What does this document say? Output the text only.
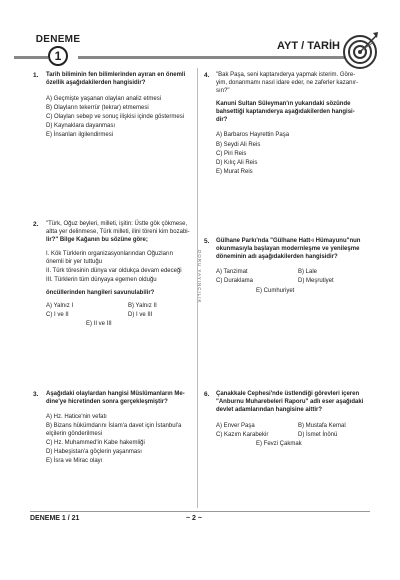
DENEME
1
AYT / TARİH
DORU YAYINCILIK
1. Tarih biliminin fen bilimlerinden ayıran en önemli
özellik aşağıdakilerden hangisidir?
A) Geçmişte yaşanan olayları analiz etmesi
B) Olayların tekerrür (tekrar) etmemesi
C) Olayları sebep ve sonuç ilişkisi içinde göstermesi
D) Kaynaklara dayanması
E) İnsanları ilgilendirmesi
2. "Türk, Oğuz beyleri, milleti, işitin: Üstte gök çökmese,
altta yer delinmese, Türk milleti, ilini töreni kim bozabi-
lir?" Bilge Kağanın bu sözüne göre;
I. Kök Türklerin organizasyonlarından Oğuzların
önemli bir yer tuttuğu
II. Türk töresinin dünya var oldukça devam edeceği
III. Türklerin tüm dünyaya egemen olduğu
öncüllerinden hangileri savunulabilir?
A) Yalnız I	B) Yalnız II
C) I ve II	D) I ve III
E) II ve III
3. Aşağıdaki olaylardan hangisi Müslümanların Me-
dine'ye hicretinden sonra gerçekleşmiştir?
A) Hz. Hatice'nin vefatı
B) Bizans hükümdarını İslam'a davet için İstanbul'a
elçilerin gönderilmesi
C) Hz. Muhammed'in Kabe hakemliği
D) Habeşistan'a göçlerin yaşanması
E) İsra ve Mirac olayı
4. "Bak Paşa, seni kaptanıderya yapmak isterim. Göre-
yim, donanmamı nasıl idare eder, ne zaferler kazanır-
sın?"
Kanuni Sultan Süleyman'ın yukarıdaki sözünde
bahsettiği kaptanıderya aşağıdakilerden hangisi-
dir?
A) Barbaros Hayrettin Paşa
B) Seydi Ali Reis
C) Piri Reis
D) Kılıç Ali Reis
E) Murat Reis
5. Gülhane Parkı'nda "Gülhane Hatt-ı Hümayunu"nun
okunmasıyla başlayan modernleşme ve yenileşme
döneminin adı aşağıdakilerden hangisidir?
A) Tanzimat	B) Lale
C) Duraklama	D) Meşrutiyet
E) Cumhuriyet
6. Çanakkale Cephesi'nde üstlendiği görevleri içeren
"Anburnu Muharebeleri Raporu" adlı eser aşağıdaki
devlet adamlarından hangisine aittir?
A) Enver Paşa	B) Mustafa Kemal
C) Kazım Karabekir	D) İsmet İnönü
E) Fevzi Çakmak
DENEME 1 / 21	~ 2 ~
